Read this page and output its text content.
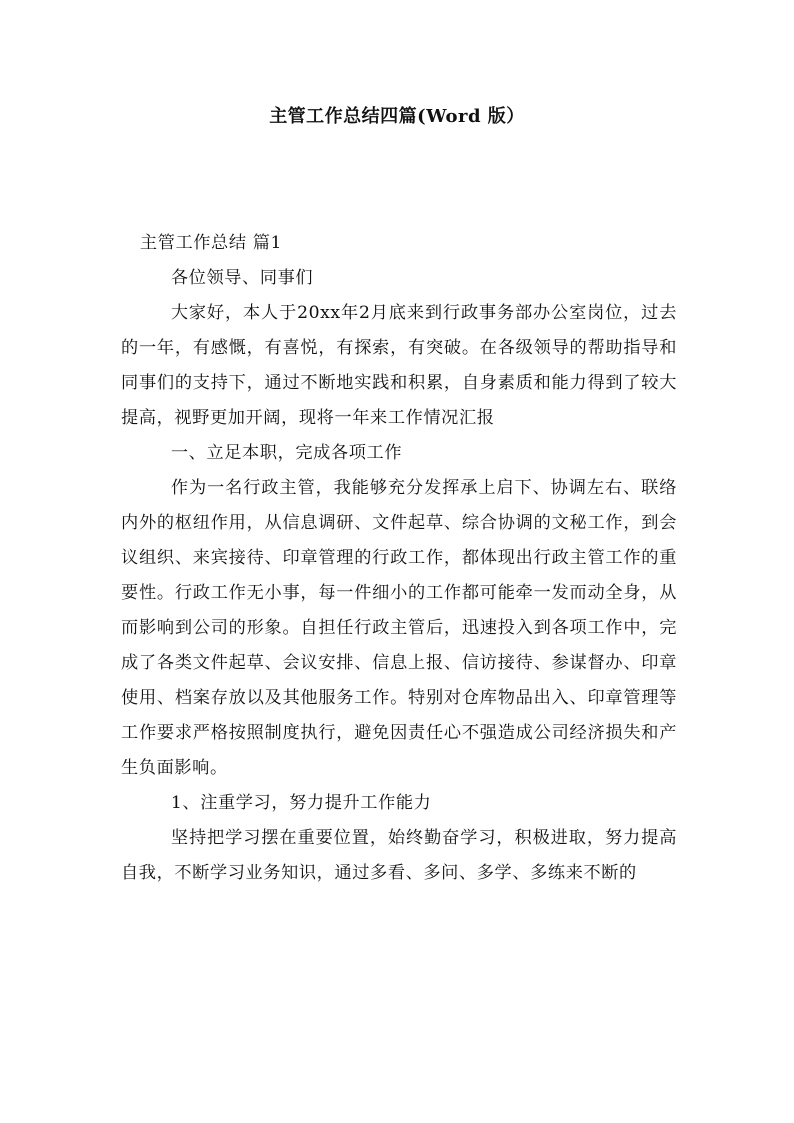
主管工作总结四篇(Word 版）

主管工作总结 篇1

各位领导、同事们

大家好，本人于20xx年2月底来到行政事务部办公室岗位，过去的一年，有感慨，有喜悦，有探索，有突破。在各级领导的帮助指导和同事们的支持下，通过不断地实践和积累，自身素质和能力得到了较大提高，视野更加开阔，现将一年来工作情况汇报

一、立足本职，完成各项工作

作为一名行政主管，我能够充分发挥承上启下、协调左右、联络内外的枢纽作用，从信息调研、文件起草、综合协调的文秘工作，到会议组织、来宾接待、印章管理的行政工作，都体现出行政主管工作的重要性。行政工作无小事，每一件细小的工作都可能牵一发而动全身，从而影响到公司的形象。自担任行政主管后，迅速投入到各项工作中，完成了各类文件起草、会议安排、信息上报、信访接待、参谋督办、印章使用、档案存放以及其他服务工作。特别对仓库物品出入、印章管理等工作要求严格按照制度执行，避免因责任心不强造成公司经济损失和产生负面影响。

1、注重学习，努力提升工作能力

坚持把学习摆在重要位置，始终勤奋学习，积极进取，努力提高自我，不断学习业务知识，通过多看、多问、多学、多练来不断的
